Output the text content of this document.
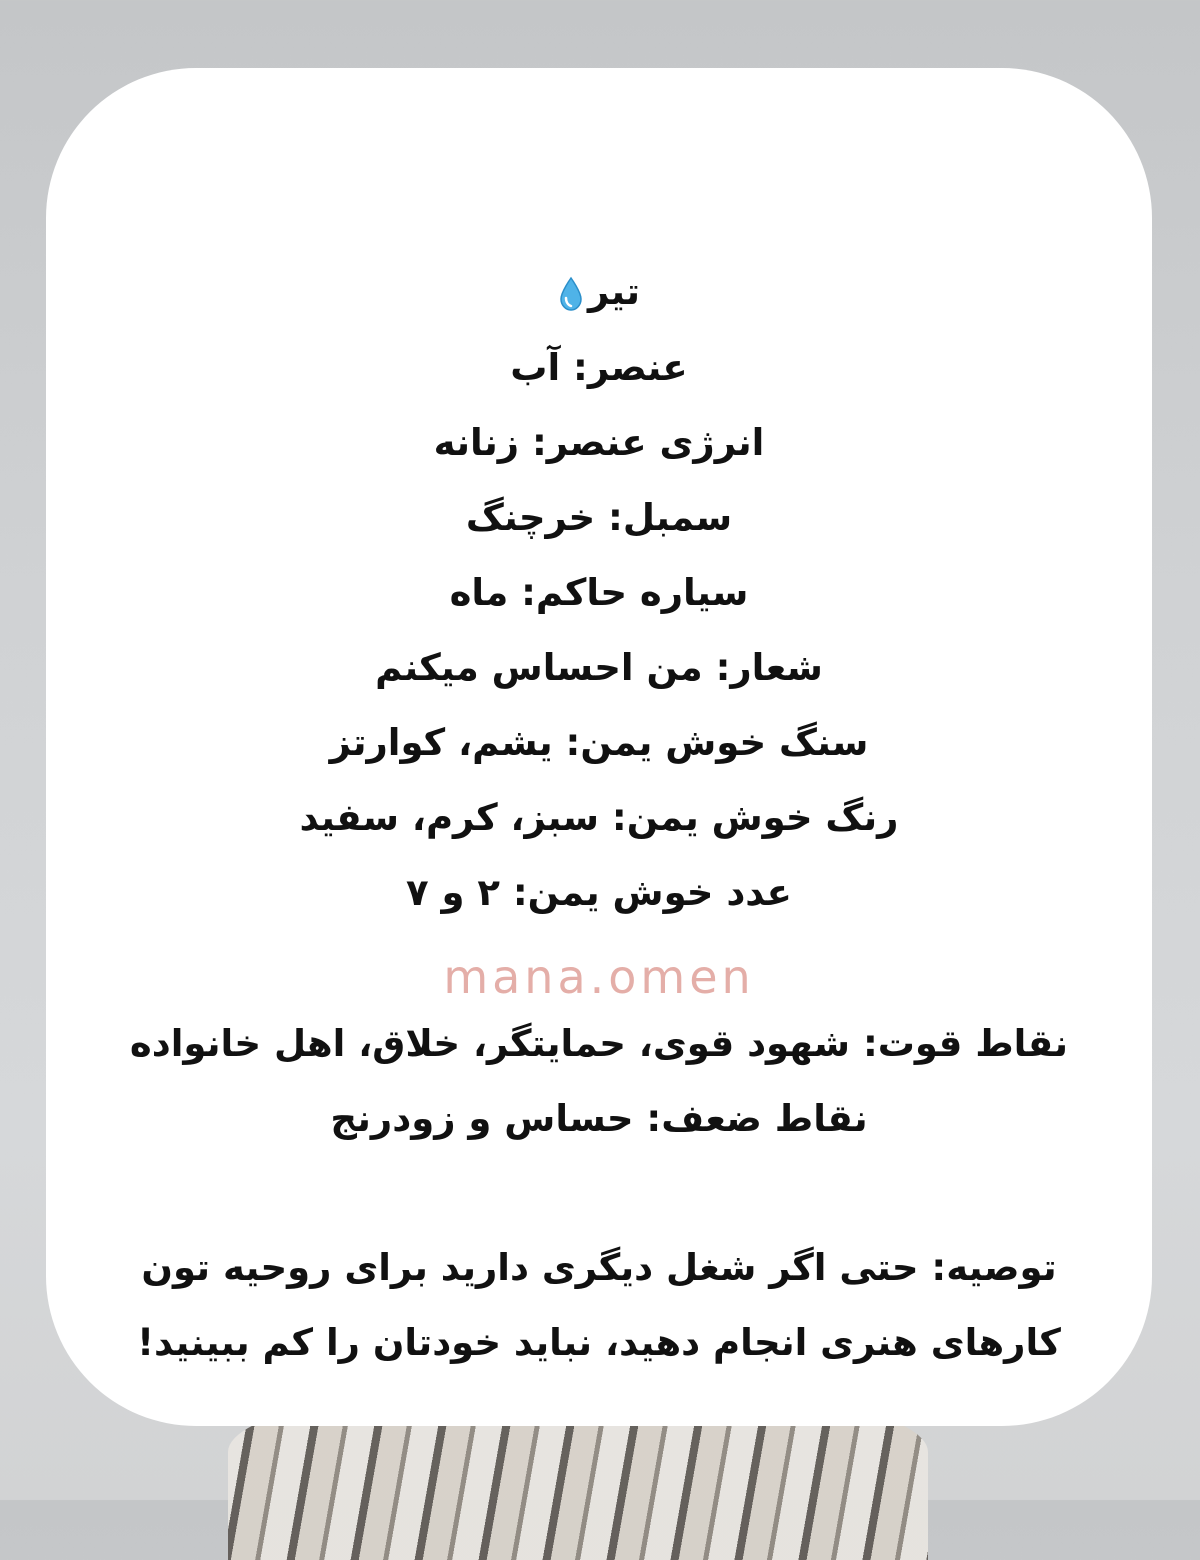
تیر
عنصر: آب
انرژی عنصر: زنانه
سمبل: خرچنگ
سیاره حاکم: ماه
شعار: من احساس میکنم
سنگ خوش یمن: یشم، کوارتز
رنگ خوش یمن: سبز، کرم، سفید
عدد خوش یمن: ۲ و ۷
mana.omen
نقاط قوت: شهود قوی، حمایتگر، خلاق، اهل خانواده
نقاط ضعف: حساس و زودرنج
توصیه: حتی اگر شغل دیگری دارید برای روحیه تون
کارهای هنری انجام دهید، نباید خودتان را کم ببینید!
